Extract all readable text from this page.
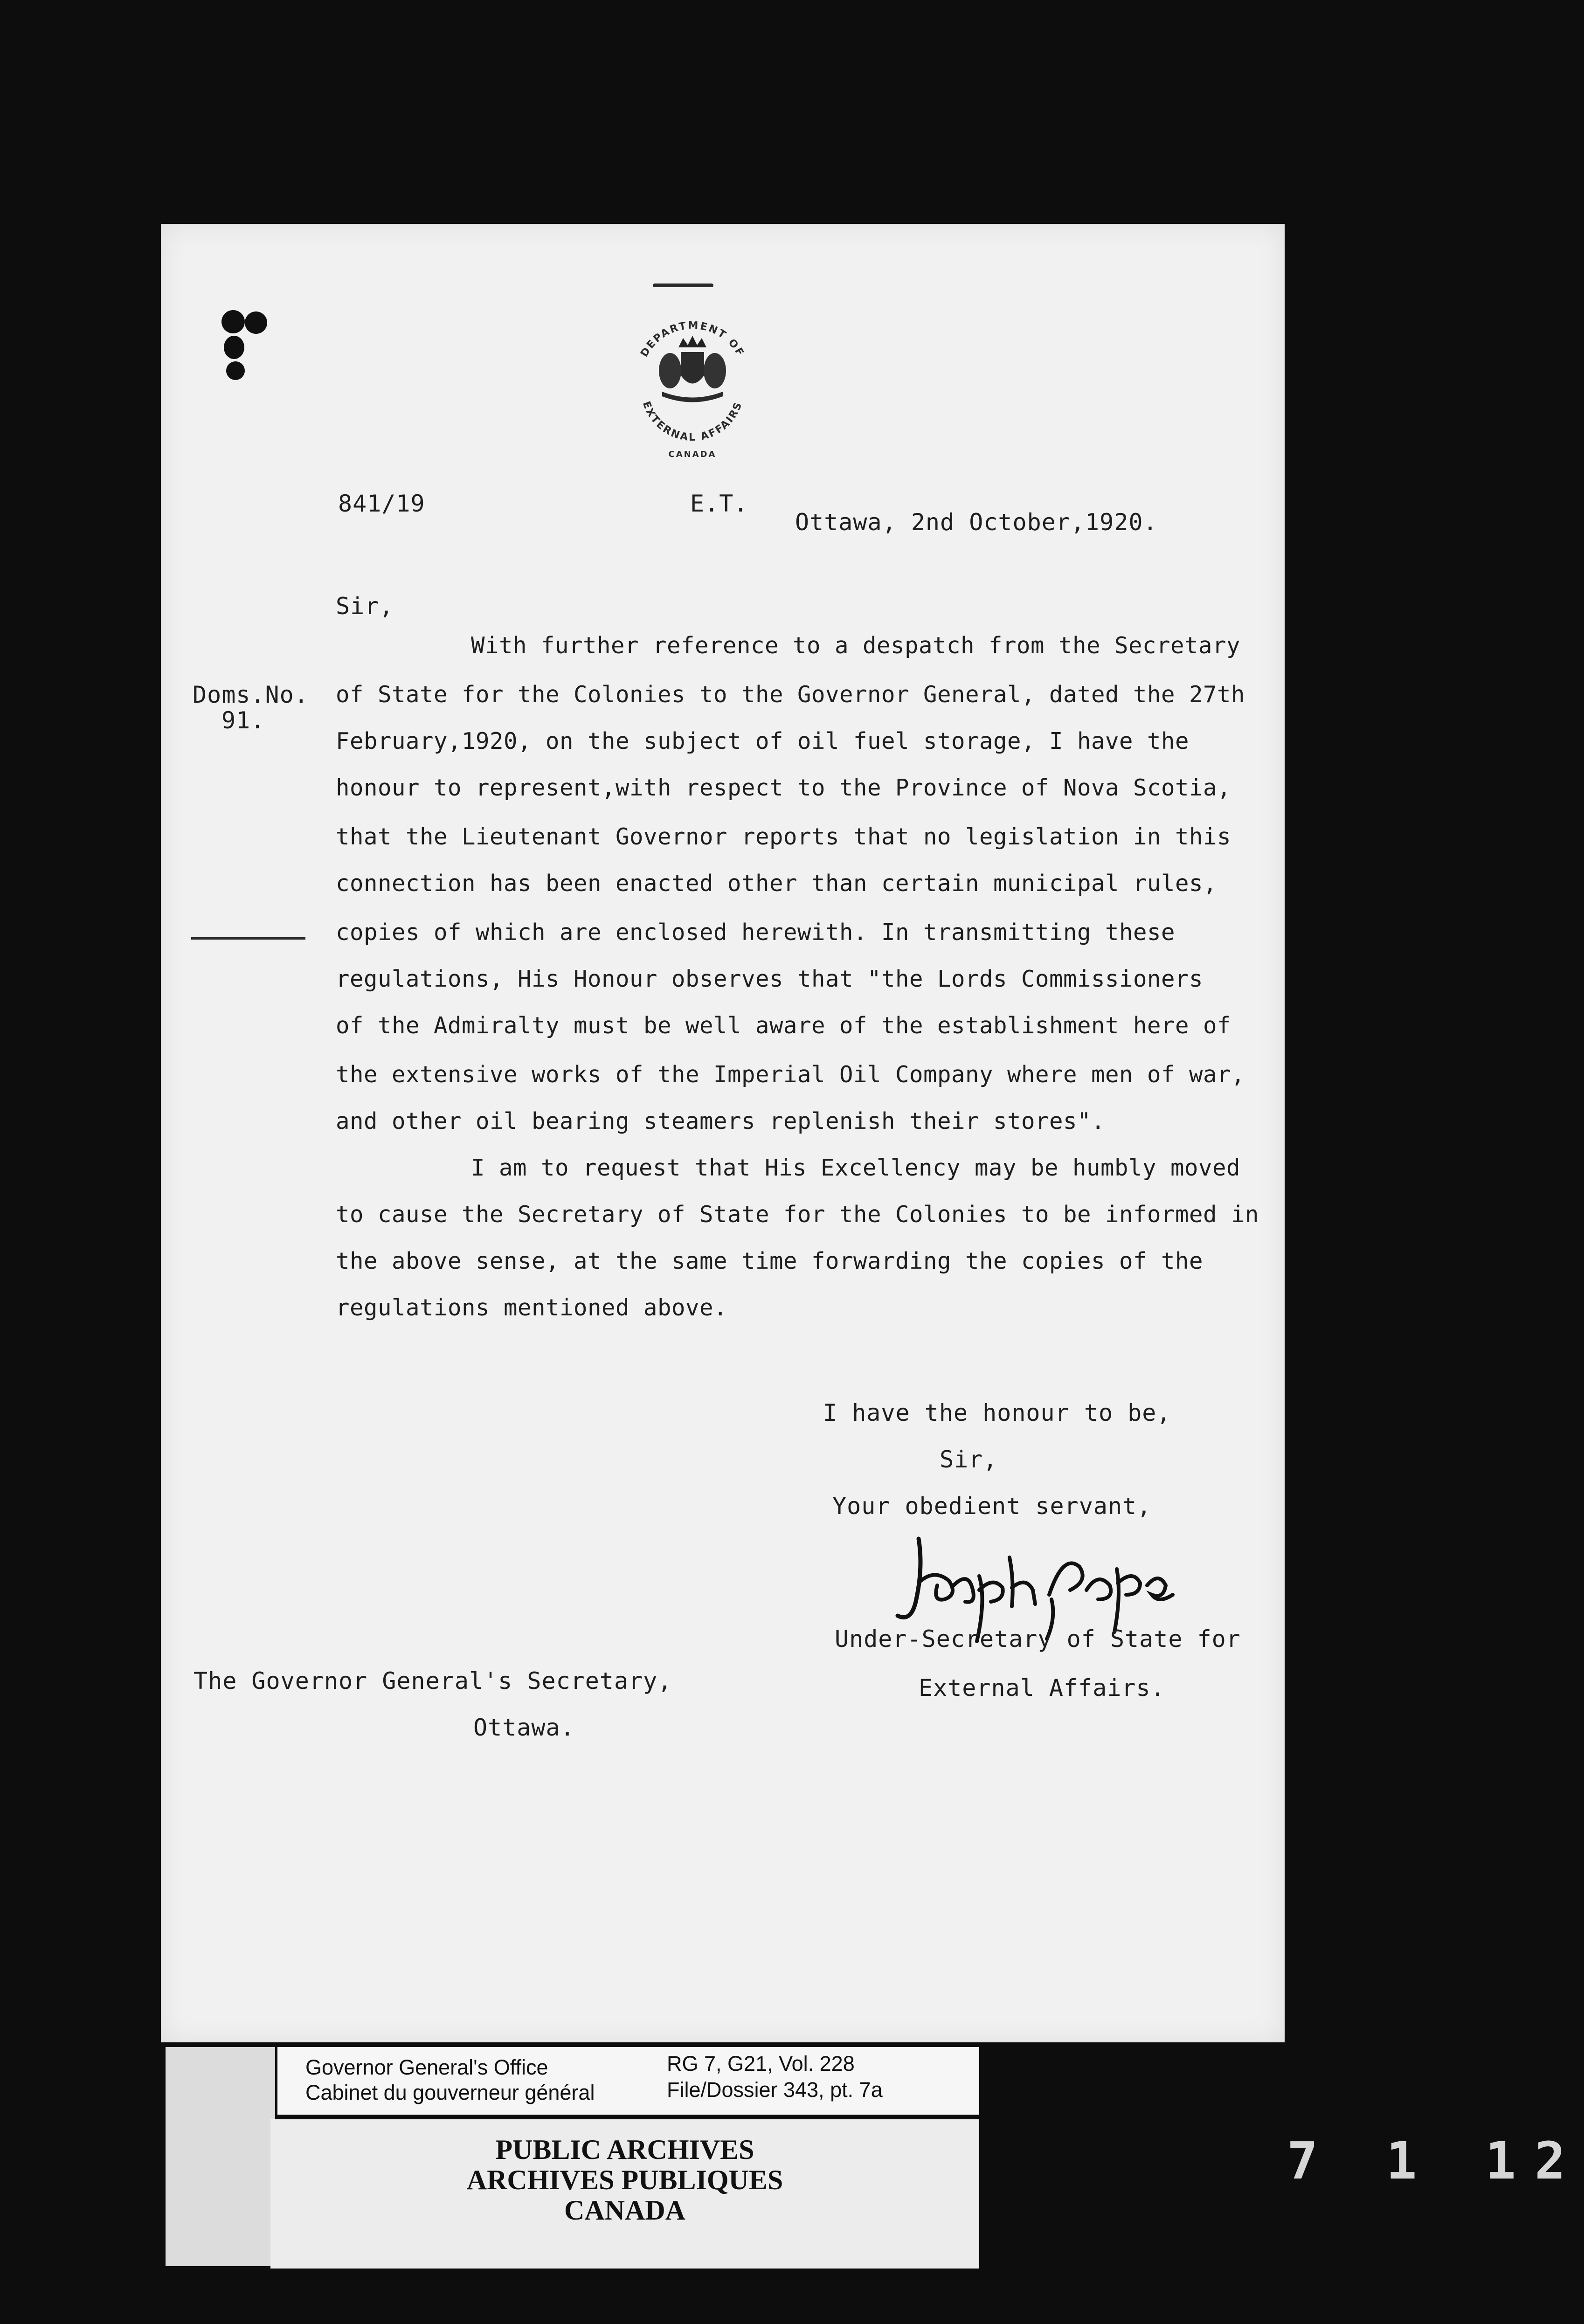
DEPARTMENT OF
EXTERNAL AFFAIRS
CANADA
841/19	E.T.
Ottawa, 2nd October,1920.
Sir,
Doms.No.
91.
With further reference to a despatch from the Secretary
of State for the Colonies to the Governor General, dated the 27th
February,1920, on the subject of oil fuel storage, I have the
honour to represent,with respect to the Province of Nova Scotia,
that the Lieutenant Governor reports that no legislation in this
connection has been enacted other than certain municipal rules,
copies of which are enclosed herewith. In transmitting these
regulations, His Honour observes that "the Lords Commissioners
of the Admiralty must be well aware of the establishment here of
the extensive works of the Imperial Oil Company where men of war,
and other oil bearing steamers replenish their stores".
I am to request that His Excellency may be humbly moved
to cause the Secretary of State for the Colonies to be informed in
the above sense, at the same time forwarding the copies of the
regulations mentioned above.
I have the honour to be,
Sir,
Your obedient servant,
Under-Secretary of State for
External Affairs.
The Governor General's Secretary,
Ottawa.
Governor General's Office
Cabinet du gouverneur général
RG 7, G21, Vol. 228
File/Dossier 343, pt. 7a
PUBLIC ARCHIVES
ARCHIVES PUBLIQUES
CANADA
7 1 12
